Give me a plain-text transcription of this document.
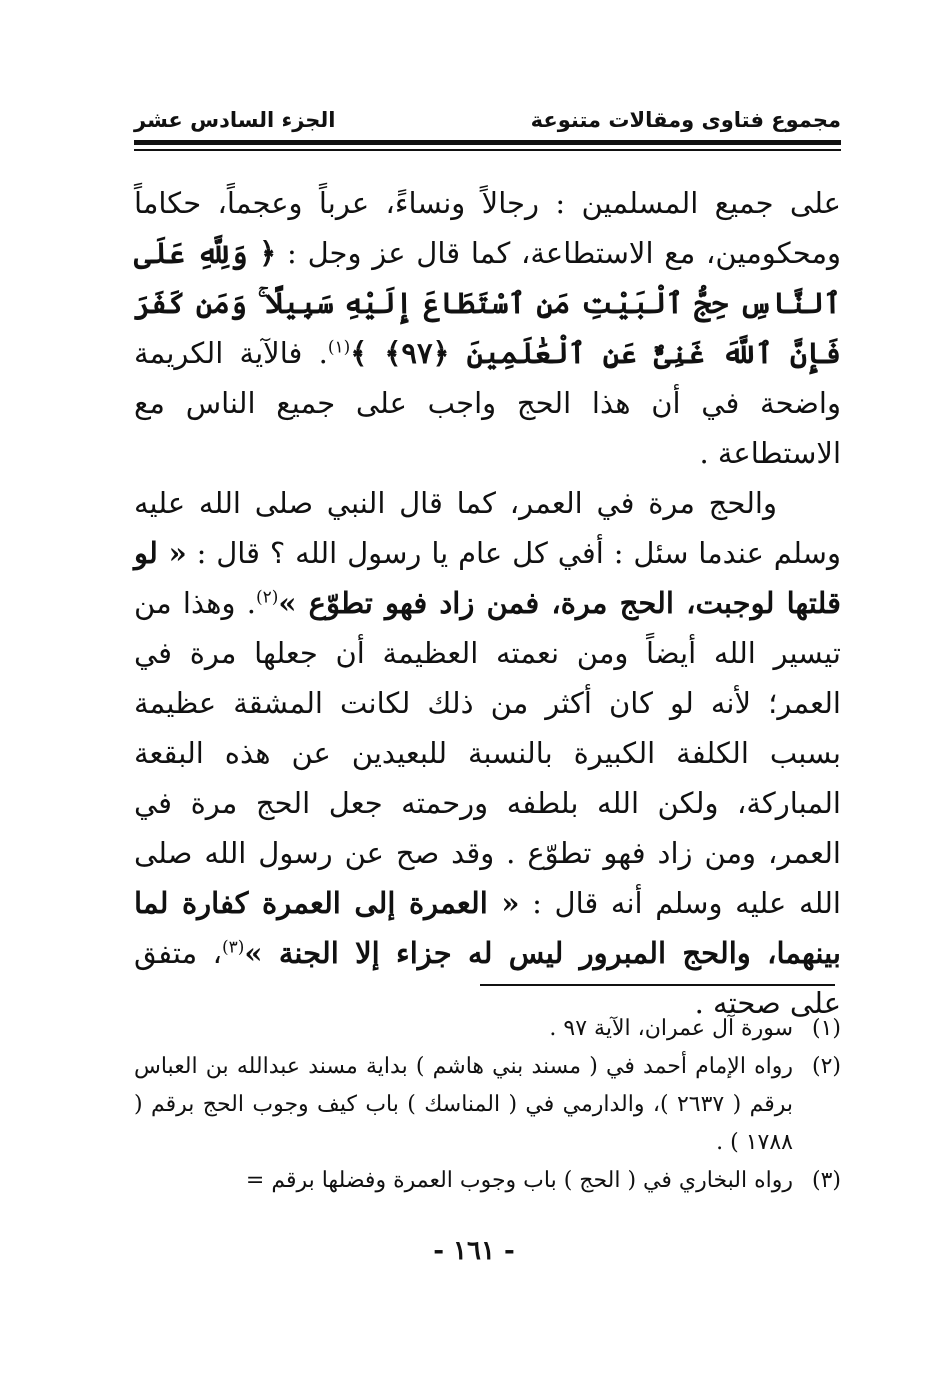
مجموع فتاوى ومقالات متنوعة
الجزء السادس عشر

على جميع المسلمين : رجالاً ونساءً، عرباً وعجماً، حكاماً ومحكومين، مع الاستطاعة، كما قال عز وجل : ﴿ وَلِلَّهِ عَلَى ٱلنَّاسِ حِجُّ ٱلْبَيْتِ مَنِ ٱسْتَطَاعَ إِلَيْهِ سَبِيلًا ۚ وَمَن كَفَرَ فَإِنَّ ٱللَّهَ غَنِىٌّ عَنِ ٱلْعَٰلَمِينَ ﴿٩٧﴾ ﴾$^{(١)}$. فالآية الكريمة واضحة في أن هذا الحج واجب على جميع الناس مع الاستطاعة .

والحج مرة في العمر، كما قال النبي صلى الله عليه وسلم عندما سئل : أفي كل عام يا رسول الله ؟ قال : « لو قلتها لوجبت، الحج مرة، فمن زاد فهو تطوّع »$^{(٢)}$. وهذا من تيسير الله أيضاً ومن نعمته العظيمة أن جعلها مرة في العمر؛ لأنه لو كان أكثر من ذلك لكانت المشقة عظيمة بسبب الكلفة الكبيرة بالنسبة للبعيدين عن هذه البقعة المباركة، ولكن الله بلطفه ورحمته جعل الحج مرة في العمر، ومن زاد فهو تطوّع . وقد صح عن رسول الله صلى الله عليه وسلم أنه قال : « العمرة إلى العمرة كفارة لما بينهما، والحج المبرور ليس له جزاء إلا الجنة »$^{(٣)}$، متفق على صحته .

(١)
سورة آل عمران، الآية ٩٧ .
(٢)
رواه الإمام أحمد في ( مسند بني هاشم ) بداية مسند عبدالله بن العباس برقم ( ٢٦٣٧ )، والدارمي في ( المناسك ) باب كيف وجوب الحج برقم ( ١٧٨٨ ) .
(٣)
رواه البخاري في ( الحج ) باب وجوب العمرة وفضلها برقم =
- ١٦١ -
